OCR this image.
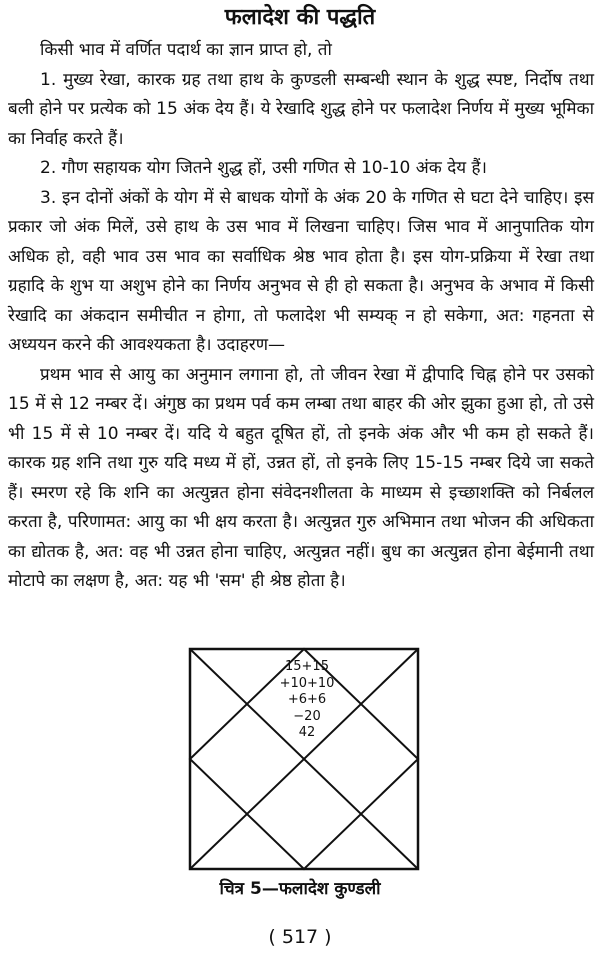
फलादेश की पद्धति

किसी भाव में वर्णित पदार्थ का ज्ञान प्राप्त हो, तो

1. मुख्य रेखा, कारक ग्रह तथा हाथ के कुण्डली सम्बन्धी स्थान के शुद्ध स्पष्ट, निर्दोष तथा बली होने पर प्रत्येक को 15 अंक देय हैं। ये रेखादि शुद्ध होने पर फलादेश निर्णय में मुख्य भूमिका का निर्वाह करते हैं।

2. गौण सहायक योग जितने शुद्ध हों, उसी गणित से 10-10 अंक देय हैं।

3. इन दोनों अंकों के योग में से बाधक योगों के अंक 20 के गणित से घटा देने चाहिए। इस प्रकार जो अंक मिलें, उसे हाथ के उस भाव में लिखना चाहिए। जिस भाव में आनुपातिक योग अधिक हो, वही भाव उस भाव का सर्वाधिक श्रेष्ठ भाव होता है। इस योग-प्रक्रिया में रेखा तथा ग्रहादि के शुभ या अशुभ होने का निर्णय अनुभव से ही हो सकता है। अनुभव के अभाव में किसी रेखादि का अंकदान समीचीत न होगा, तो फलादेश भी सम्यक् न हो सकेगा, अत: गहनता से अध्ययन करने की आवश्यकता है। उदाहरण—

प्रथम भाव से आयु का अनुमान लगाना हो, तो जीवन रेखा में द्वीपादि चिह्न होने पर उसको 15 में से 12 नम्बर दें। अंगुष्ठ का प्रथम पर्व कम लम्बा तथा बाहर की ओर झुका हुआ हो, तो उसे भी 15 में से 10 नम्बर दें। यदि ये बहुत दूषित हों, तो इनके अंक और भी कम हो सकते हैं। कारक ग्रह शनि तथा गुरु यदि मध्य में हों, उन्नत हों, तो इनके लिए 15-15 नम्बर दिये जा सकते हैं। स्मरण रहे कि शनि का अत्युन्नत होना संवेदनशीलता के माध्यम से इच्छाशक्ति को निर्बलल करता है, परिणामत: आयु का भी क्षय करता है। अत्युन्नत गुरु अभिमान तथा भोजन की अधिकता का द्योतक है, अत: वह भी उन्नत होना चाहिए, अत्युन्नत नहीं। बुध का अत्युन्नत होना बेईमानी तथा मोटापे का लक्षण है, अत: यह भी 'सम' ही श्रेष्ठ होता है।

15+15
+10+10
+6+6
−20
42
चित्र 5—फलादेश कुण्डली
( 517 )
